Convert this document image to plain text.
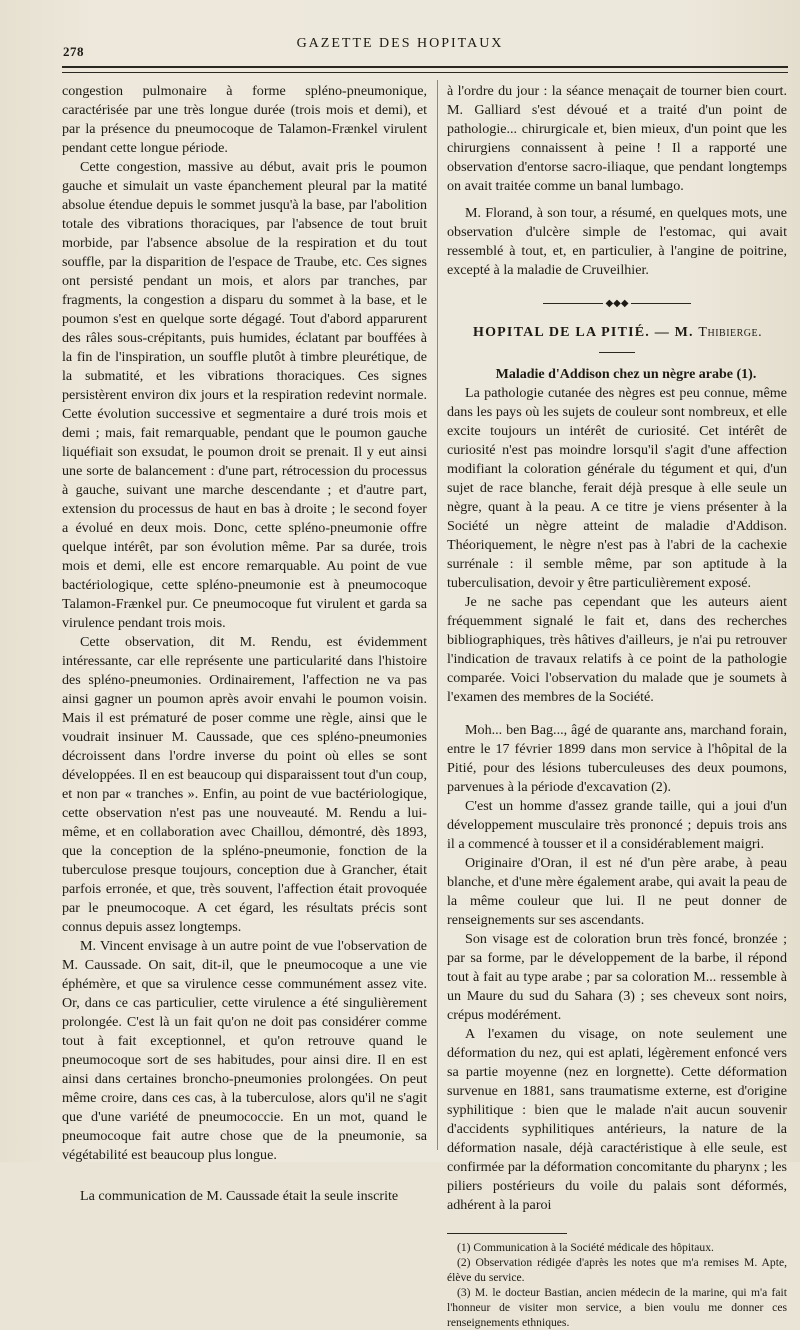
278
GAZETTE DES HOPITAUX

congestion pulmonaire à forme spléno-pneumonique, caractérisée par une très longue durée (trois mois et demi), et par la présence du pneumocoque de Talamon-Frænkel virulent pendant cette longue période.

Cette congestion, massive au début, avait pris le poumon gauche et simulait un vaste épanchement pleural par la matité absolue étendue depuis le sommet jusqu'à la base, par l'abolition totale des vibrations thoraciques, par l'absence de tout bruit morbide, par l'absence absolue de la respiration et du tout souffle, par la disparition de l'espace de Traube, etc. Ces signes ont persisté pendant un mois, et alors par tranches, par fragments, la congestion a disparu du sommet à la base, et le poumon s'est en quelque sorte dégagé. Tout d'abord apparurent des râles sous-crépitants, puis humides, éclatant par bouffées à la fin de l'inspiration, un souffle plutôt à timbre pleurétique, de la submatité, et les vibrations thoraciques. Ces signes persistèrent environ dix jours et la respiration redevint normale. Cette évolution successive et segmentaire a duré trois mois et demi ; mais, fait remarquable, pendant que le poumon gauche liquéfiait son exsudat, le poumon droit se prenait. Il y eut ainsi une sorte de balancement : d'une part, rétrocession du processus à gauche, suivant une marche descendante ; et d'autre part, extension du processus de haut en bas à droite ; le second foyer a évolué en deux mois. Donc, cette spléno-pneumonie offre quelque intérêt, par son évolution même. Par sa durée, trois mois et demi, elle est encore remarquable. Au point de vue bactériologique, cette spléno-pneumonie est à pneumocoque Talamon-Frænkel pur. Ce pneumocoque fut virulent et garda sa virulence pendant trois mois.

Cette observation, dit M. Rendu, est évidemment intéressante, car elle représente une particularité dans l'histoire des spléno-pneumonies. Ordinairement, l'affection ne va pas ainsi gagner un poumon après avoir envahi le poumon voisin. Mais il est prématuré de poser comme une règle, ainsi que le voudrait insinuer M. Caussade, que ces spléno-pneumonies décroissent dans l'ordre inverse du point où elles se sont développées. Il en est beaucoup qui disparaissent tout d'un coup, et non par « tranches ». Enfin, au point de vue bactériologique, cette observation n'est pas une nouveauté. M. Rendu a lui-même, et en collaboration avec Chaillou, démontré, dès 1893, que la conception de la spléno-pneumonie, fonction de la tuberculose presque toujours, conception due à Grancher, était parfois erronée, et que, très souvent, l'affection était provoquée par le pneumocoque. A cet égard, les résultats précis sont connus depuis assez longtemps.

M. Vincent envisage à un autre point de vue l'observation de M. Caussade. On sait, dit-il, que le pneumocoque a une vie éphémère, et que sa virulence cesse communément assez vite. Or, dans ce cas particulier, cette virulence a été singulièrement prolongée. C'est là un fait qu'on ne doit pas considérer comme tout à fait exceptionnel, et qu'on retrouve quand le pneumocoque sort de ses habitudes, pour ainsi dire. Il en est ainsi dans certaines broncho-pneumonies prolongées. On peut même croire, dans ces cas, à la tuberculose, alors qu'il ne s'agit que d'une variété de pneumococcie. En un mot, quand le pneumocoque fait autre chose que de la pneumonie, sa végétabilité est beaucoup plus longue.

La communication de M. Caussade était la seule inscrite

à l'ordre du jour : la séance menaçait de tourner bien court. M. Galliard s'est dévoué et a traité d'un point de pathologie... chirurgicale et, bien mieux, d'un point que les chirurgiens connaissent à peine ! Il a rapporté une observation d'entorse sacro-iliaque, que pendant longtemps on avait traitée comme un banal lumbago.

M. Florand, à son tour, a résumé, en quelques mots, une observation d'ulcère simple de l'estomac, qui avait ressemblé à tout, et, en particulier, à l'angine de poitrine, excepté à la maladie de Cruveilhier.

◆◆◆

HOPITAL DE LA PITIÉ. — M. Thibierge.

Maladie d'Addison chez un nègre arabe (1).

La pathologie cutanée des nègres est peu connue, même dans les pays où les sujets de couleur sont nombreux, et elle excite toujours un intérêt de curiosité. Cet intérêt de curiosité n'est pas moindre lorsqu'il s'agit d'une affection modifiant la coloration générale du tégument et qui, d'un sujet de race blanche, ferait déjà presque à elle seule un nègre, quant à la peau. A ce titre je viens présenter à la Société un nègre atteint de maladie d'Addison. Théoriquement, le nègre n'est pas à l'abri de la cachexie surrénale : il semble même, par son aptitude à la tuberculisation, devoir y être particulièrement exposé.

Je ne sache pas cependant que les auteurs aient fréquemment signalé le fait et, dans des recherches bibliographiques, très hâtives d'ailleurs, je n'ai pu retrouver l'indication de travaux relatifs à ce point de la pathologie comparée. Voici l'observation du malade que je soumets à l'examen des membres de la Société.

Moh... ben Bag..., âgé de quarante ans, marchand forain, entre le 17 février 1899 dans mon service à l'hôpital de la Pitié, pour des lésions tuberculeuses des deux poumons, parvenues à la période d'excavation (2).

C'est un homme d'assez grande taille, qui a joui d'un développement musculaire très prononcé ; depuis trois ans il a commencé à tousser et il a considérablement maigri.

Originaire d'Oran, il est né d'un père arabe, à peau blanche, et d'une mère également arabe, qui avait la peau de la même couleur que lui. Il ne peut donner de renseignements sur ses ascendants.

Son visage est de coloration brun très foncé, bronzée ; par sa forme, par le développement de la barbe, il répond tout à fait au type arabe ; par sa coloration M... ressemble à un Maure du sud du Sahara (3) ; ses cheveux sont noirs, crépus modérément.

A l'examen du visage, on note seulement une déformation du nez, qui est aplati, légèrement enfoncé vers sa partie moyenne (nez en lorgnette). Cette déformation survenue en 1881, sans traumatisme externe, est d'origine syphilitique : bien que le malade n'ait aucun souvenir d'accidents syphilitiques antérieurs, la nature de la déformation nasale, déjà caractéristique à elle seule, est confirmée par la déformation concomitante du pharynx ; les piliers postérieurs du voile du palais sont déformés, adhérent à la paroi

(1) Communication à la Société médicale des hôpitaux.

(2) Observation rédigée d'après les notes que m'a remises M. Apte, élève du service.

(3) M. le docteur Bastian, ancien médecin de la marine, qui m'a fait l'honneur de visiter mon service, a bien voulu me donner ces renseignements ethniques.
